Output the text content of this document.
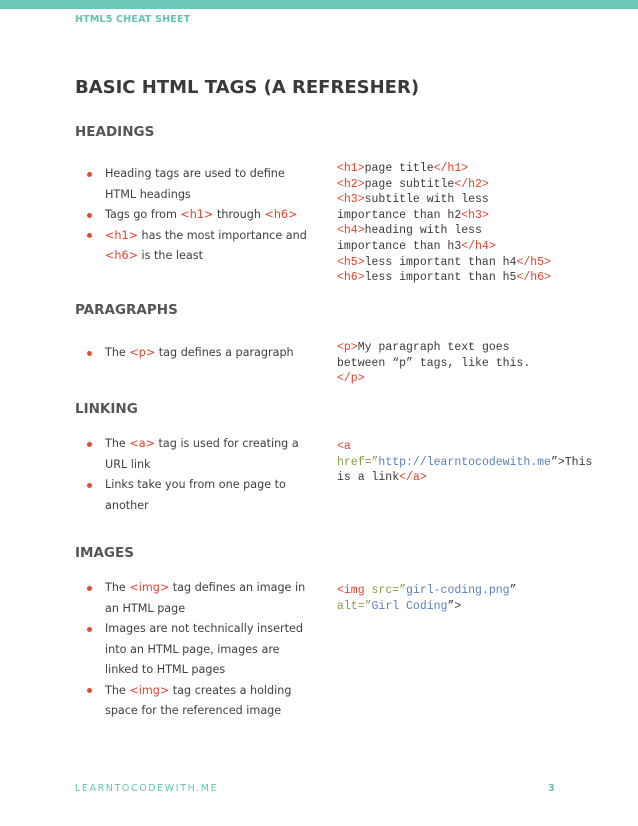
HTML5 CHEAT SHEET
BASIC HTML TAGS (A REFRESHER)
HEADINGS
Heading tags are used to define HTML headings
Tags go from <h1> through <h6>
<h1> has the most importance and <h6> is the least
<h1>page title</h1>
<h2>page subtitle</h2>
<h3>subtitle with less
importance than h2<h3>
<h4>heading with less
importance than h3</h4>
<h5>less important than h4</h5>
<h6>less important than h5</h6>
PARAGRAPHS
The <p> tag defines a paragraph	<p>My paragraph text goes between “p” tags, like this.
</p>
LINKING
The <a> tag is used for creating a URL link
Links take you from one page to another
<a href=”http://learntocodewith.me”>This is a link</a>
IMAGES
The <img> tag defines an image in an HTML page
Images are not technically inserted into an HTML page, images are linked to HTML pages
The <img> tag creates a holding space for the referenced image
<img src=”girl-coding.png”
alt=”Girl Coding”>
LEARNTOCODEWITH.ME	3
